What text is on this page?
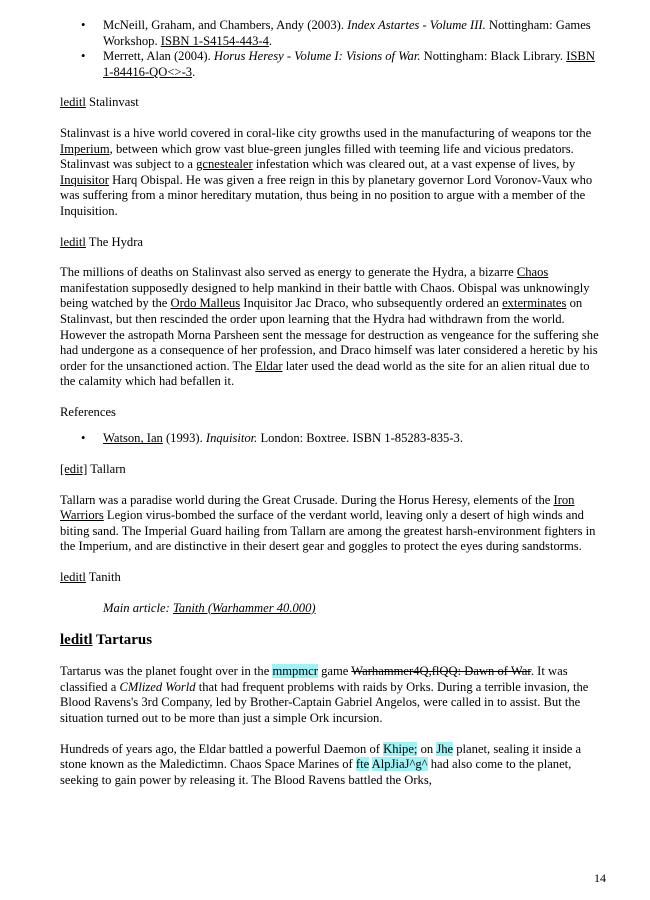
• McNeill, Graham, and Chambers, Andy (2003). Index Astartes - Volume III. Nottingham: Games Workshop. ISBN 1-S4154-443-4.
• Merrett, Alan (2004). Horus Heresy - Volume I: Visions of War. Nottingham: Black Library. ISBN 1-84416-QO<>-3.

leditl Stalinvast

Stalinvast is a hive world covered in coral-like city growths used in the manufacturing of weapons tor the Imperium, between which grow vast blue-green jungles filled with teeming life and vicious predators. Stalinvast was subject to a gcnestealer infestation which was cleared out, at a vast expense of lives, by Inquisitor Harq Obispal. He was given a free reign in this by planetary governor Lord Voronov-Vaux who was suffering from a minor hereditary mutation, thus being in no position to argue with a member of the Inquisition.

leditl The Hydra

The millions of deaths on Stalinvast also served as energy to generate the Hydra, a bizarre Chaos manifestation supposedly designed to help mankind in their battle with Chaos. Obispal was unknowingly being watched by the Ordo Malleus Inquisitor Jac Draco, who subsequently ordered an exterminates on Stalinvast, but then rescinded the order upon learning that the Hydra had withdrawn from the world. However the astropath Morna Parsheen sent the message for destruction as vengeance for the suffering she had undergone as a consequence of her profession, and Draco himself was later considered a heretic by his order for the unsanctioned action. The Eldar later used the dead world as the site for an alien ritual due to the calamity which had befallen it.

References

• Watson, Ian (1993). Inquisitor. London: Boxtree. ISBN 1-85283-835-3.

[edit] Tallarn

Tallarn was a paradise world during the Great Crusade. During the Horus Heresy, elements of the Iron Warriors Legion virus-bombed the surface of the verdant world, leaving only a desert of high winds and biting sand. The Imperial Guard hailing from Tallarn are among the greatest harsh-environment fighters in the Imperium, and are distinctive in their desert gear and goggles to protect the eyes during sandstorms.

leditl Tanith

Main article: Tanith (Warhammer 40.000)

leditl Tartarus

Tartarus was the planet fought over in the mmpmcr game Warhammer4Q,flQQ: Dawn of War. It was classified a CMlized World that had frequent problems with raids by Orks. During a terrible invasion, the Blood Ravens's 3rd Company, led by Brother-Captain Gabriel Angelos, were called in to assist. But the situation turned out to be more than just a simple Ork incursion.

Hundreds of years ago, the Eldar battled a powerful Daemon of Khipe; on Jhe planet, sealing it inside a stone known as the Maledictimn. Chaos Space Marines of fte AlpJiaJ^g^ had also come to the planet, seeking to gain power by releasing it. The Blood Ravens battled the Orks,

14
